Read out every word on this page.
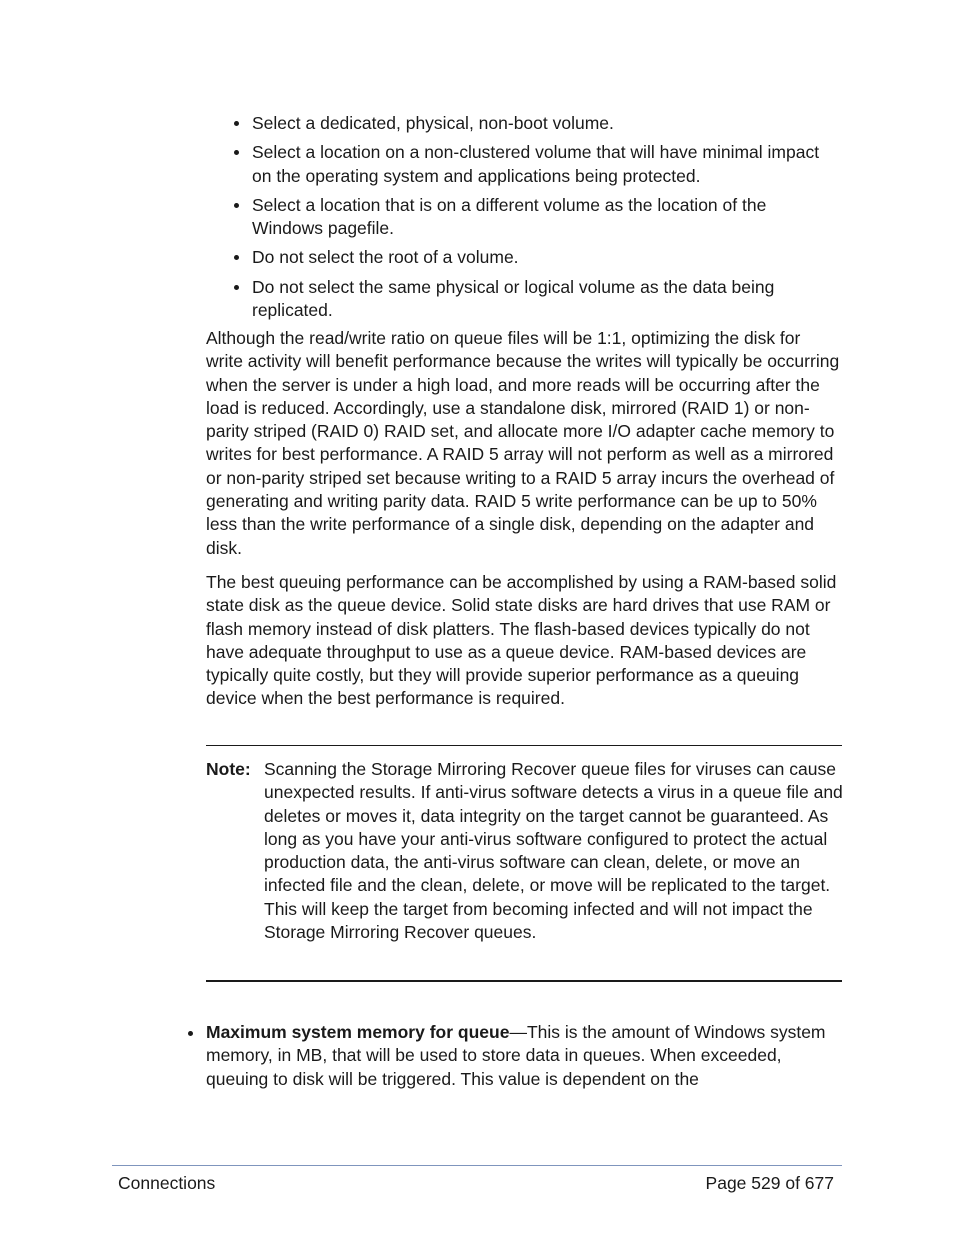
Select a dedicated, physical, non-boot volume.
Select a location on a non-clustered volume that will have minimal impact on the operating system and applications being protected.
Select a location that is on a different volume as the location of the Windows pagefile.
Do not select the root of a volume.
Do not select the same physical or logical volume as the data being replicated.

Although the read/write ratio on queue files will be 1:1, optimizing the disk for write activity will benefit performance because the writes will typically be occurring when the server is under a high load, and more reads will be occurring after the load is reduced. Accordingly, use a standalone disk, mirrored (RAID 1) or non-parity striped (RAID 0) RAID set, and allocate more I/O adapter cache memory to writes for best performance. A RAID 5 array will not perform as well as a mirrored or non-parity striped set because writing to a RAID 5 array incurs the overhead of generating and writing parity data. RAID 5 write performance can be up to 50% less than the write performance of a single disk, depending on the adapter and disk.

The best queuing performance can be accomplished by using a RAM-based solid state disk as the queue device. Solid state disks are hard drives that use RAM or flash memory instead of disk platters. The flash-based devices typically do not have adequate throughput to use as a queue device. RAM-based devices are typically quite costly, but they will provide superior performance as a queuing device when the best performance is required.

Note: Scanning the Storage Mirroring Recover queue files for viruses can cause unexpected results. If anti-virus software detects a virus in a queue file and deletes or moves it, data integrity on the target cannot be guaranteed. As long as you have your anti-virus software configured to protect the actual production data, the anti-virus software can clean, delete, or move an infected file and the clean, delete, or move will be replicated to the target. This will keep the target from becoming infected and will not impact the Storage Mirroring Recover queues.

Maximum system memory for queue—This is the amount of Windows system memory, in MB, that will be used to store data in queues. When exceeded, queuing to disk will be triggered. This value is dependent on the
Connections	Page 529 of 677
